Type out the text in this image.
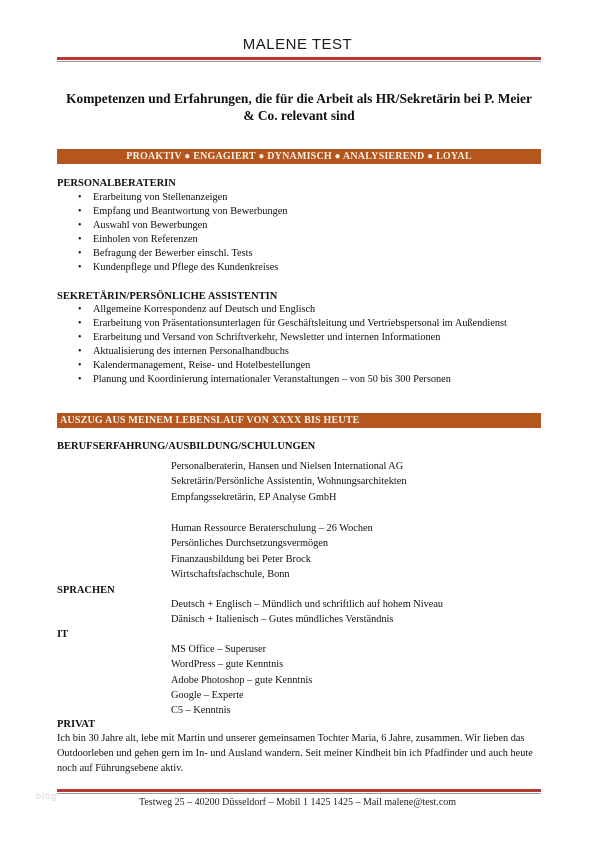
MALENE TEST
Kompetenzen und Erfahrungen, die für die Arbeit als HR/Sekretärin bei P. Meier & Co. relevant sind
PROAKTIV ● ENGAGIERT ● DYNAMISCH ● ANALYSIEREND ● LOYAL
PERSONALBERATERIN
• Erarbeitung von Stellenanzeigen
• Empfang und Beantwortung von Bewerbungen
• Auswahl von Bewerbungen
• Einholen von Referenzen
• Befragung der Bewerber einschl. Tests
• Kundenpflege und Pflege des Kundenkreises
SEKRETÄRIN/PERSÖNLICHE ASSISTENTIN
• Allgemeine Korrespondenz auf Deutsch und Englisch
• Erarbeitung von Präsentationsunterlagen für Geschäftsleitung und Vertriebspersonal im Außendienst
• Erarbeitung und Versand von Schriftverkehr, Newsletter und internen Informationen
• Aktualisierung des internen Personalhandbuchs
• Kalendermanagement, Reise- und Hotelbestellungen
• Planung und Koordinierung internationaler Veranstaltungen – von 50 bis 300 Personen
AUSZUG AUS MEINEM LEBENSLAUF VON XXXX BIS HEUTE
BERUFSERFAHRUNG/AUSBILDUNG/SCHULUNGEN
Personalberaterin, Hansen und Nielsen International AG
Sekretärin/Persönliche Assistentin, Wohnungsarchitekten
Empfangssekretärin, EP Analyse GmbH
Human Ressource Beraterschulung – 26 Wochen
Persönliches Durchsetzungsvermögen
Finanzausbildung bei Peter Brock
Wirtschaftsfachschule, Bonn
SPRACHEN
Deutsch + Englisch – Mündlich und schriftlich auf hohem Niveau
Dänisch + Italienisch – Gutes mündliches Verständnis
IT
MS Office – Superuser
WordPress – gute Kenntnis
Adobe Photoshop – gute Kenntnis
Google – Experte
C5 – Kenntnis
PRIVAT
Ich bin 30 Jahre alt, lebe mit Martin und unserer gemeinsamen Tochter Maria, 6 Jahre, zusammen. Wir lieben das Outdoorleben und gehen gern im In- und Ausland wandern. Seit meiner Kindheit bin ich Pfadfinder und auch heute noch auf Führungsebene aktiv.
blog
Testweg 25 – 40200 Düsseldorf – Mobil 1 1425 1425 – Mail malene@test.com
